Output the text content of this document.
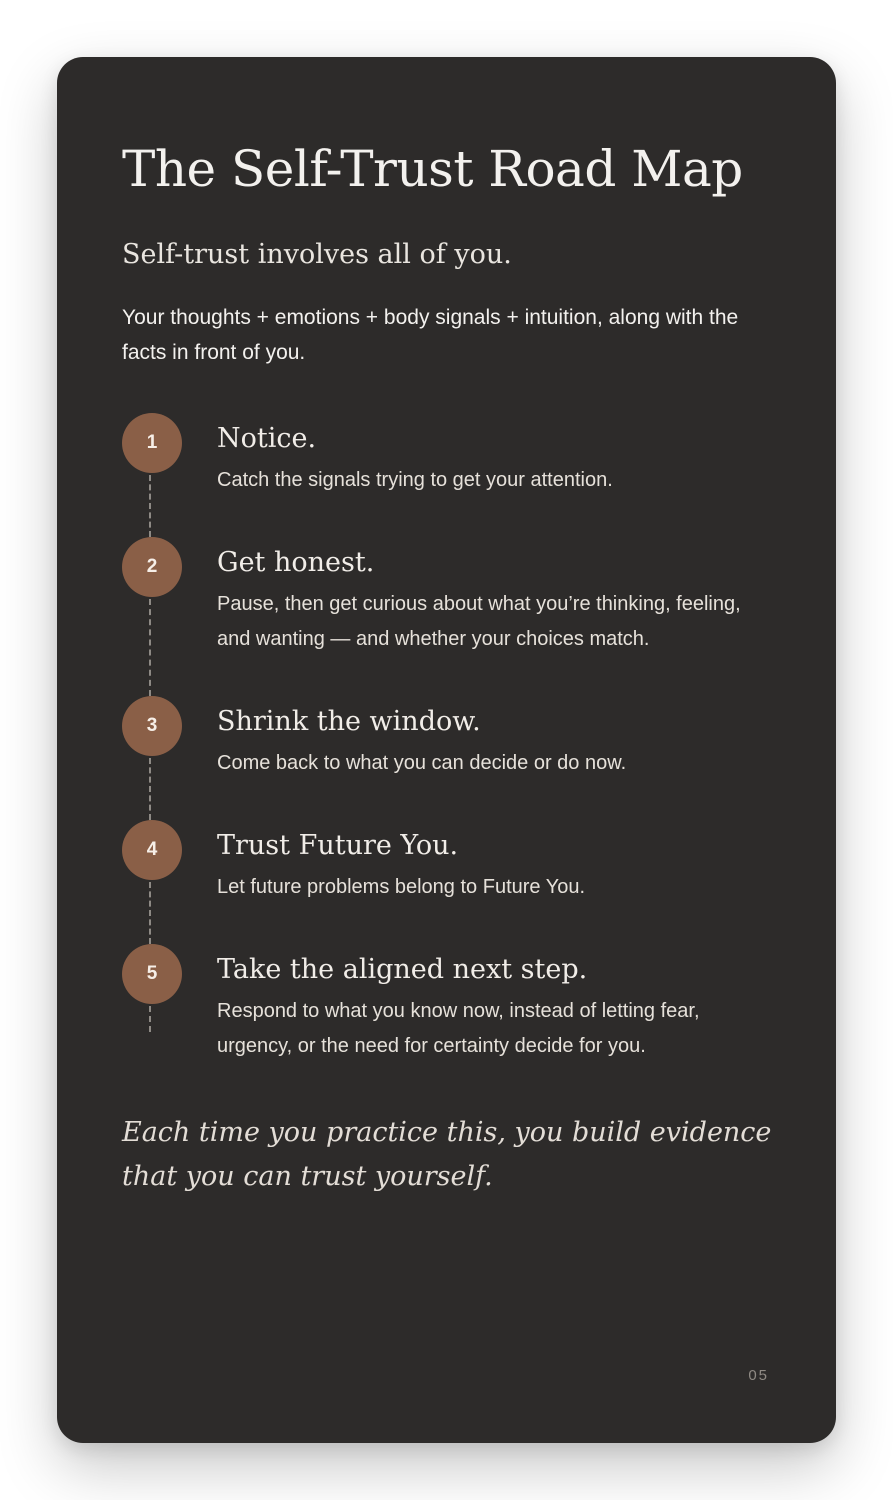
The Self-Trust Road Map
Self-trust involves all of you.

Your thoughts + emotions + body signals + intuition, along with the facts in front of you.

1	Notice.

Catch the signals trying to get your attention.

2	Get honest.

Pause, then get curious about what you’re thinking, feeling, and wanting — and whether your choices match.

3	Shrink the window.

Come back to what you can decide or do now.

4	Trust Future You.

Let future problems belong to Future You.

5	Take the aligned next step.

Respond to what you know now, instead of letting fear, urgency, or the need for certainty decide for you.

Each time you practice this, you build evidence that you can trust yourself.

05
